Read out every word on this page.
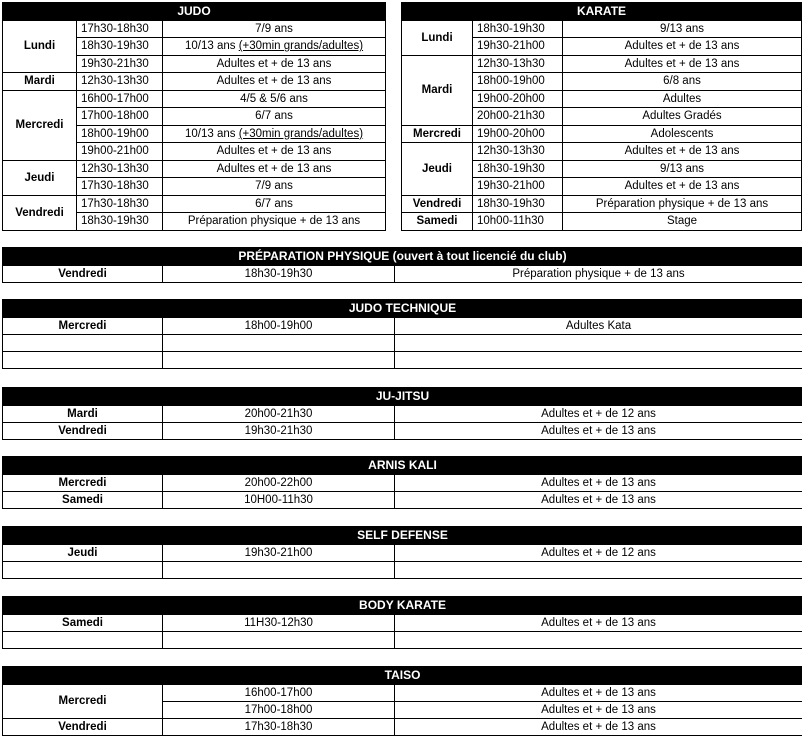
JUDO		
Lundi	17h30-18h30	7/9 ans
	18h30-19h30	10/13 ans (+30min grands/adultes)
	19h30-21h30	Adultes et + de 13 ans
Mardi	12h30-13h30	Adultes et + de 13 ans
Mercredi	16h00-17h00	4/5 & 5/6 ans
	17h00-18h00	6/7 ans
	18h00-19h00	10/13 ans (+30min grands/adultes)
	19h00-21h00	Adultes et + de 13 ans
Jeudi	12h30-13h30	Adultes et + de 13 ans
	17h30-18h30	7/9 ans
Vendredi	17h30-18h30	6/7 ans
	18h30-19h30	Préparation physique + de 13 ans
KARATE		
Lundi	18h30-19h30	9/13 ans
	19h30-21h00	Adultes et + de 13 ans
Mardi	12h30-13h30	Adultes et + de 13 ans
	18h00-19h00	6/8 ans
	19h00-20h00	Adultes
	20h00-21h30	Adultes Gradés
Mercredi	19h00-20h00	Adolescents
Jeudi	12h30-13h30	Adultes et + de 13 ans
	18h30-19h30	9/13 ans
	19h30-21h00	Adultes et + de 13 ans
Vendredi	18h30-19h30	Préparation physique + de 13 ans
Samedi	10h00-11h30	Stage
PRÉPARATION PHYSIQUE (ouvert à tout licencié du club)
Vendredi	18h30-19h30	Préparation physique + de 13 ans
JUDO TECHNIQUE		
Mercredi	18h00-19h00	Adultes Kata

JU-JITSU		
Mardi	20h00-21h30	Adultes et + de 12 ans
Vendredi	19h30-21h30	Adultes et + de 13 ans
ARNIS KALI		
Mercredi	20h00-22h00	Adultes et + de 13 ans
Samedi	10H00-11h30	Adultes et + de 13 ans
SELF DEFENSE		
Jeudi	19h30-21h00	Adultes et + de 12 ans

BODY KARATE		
Samedi	11H30-12h30	Adultes et + de 13 ans

TAISO		
Mercredi	16h00-17h00	Adultes et + de 13 ans
	17h00-18h00	Adultes et + de 13 ans
Vendredi	17h30-18h30	Adultes et + de 13 ans
